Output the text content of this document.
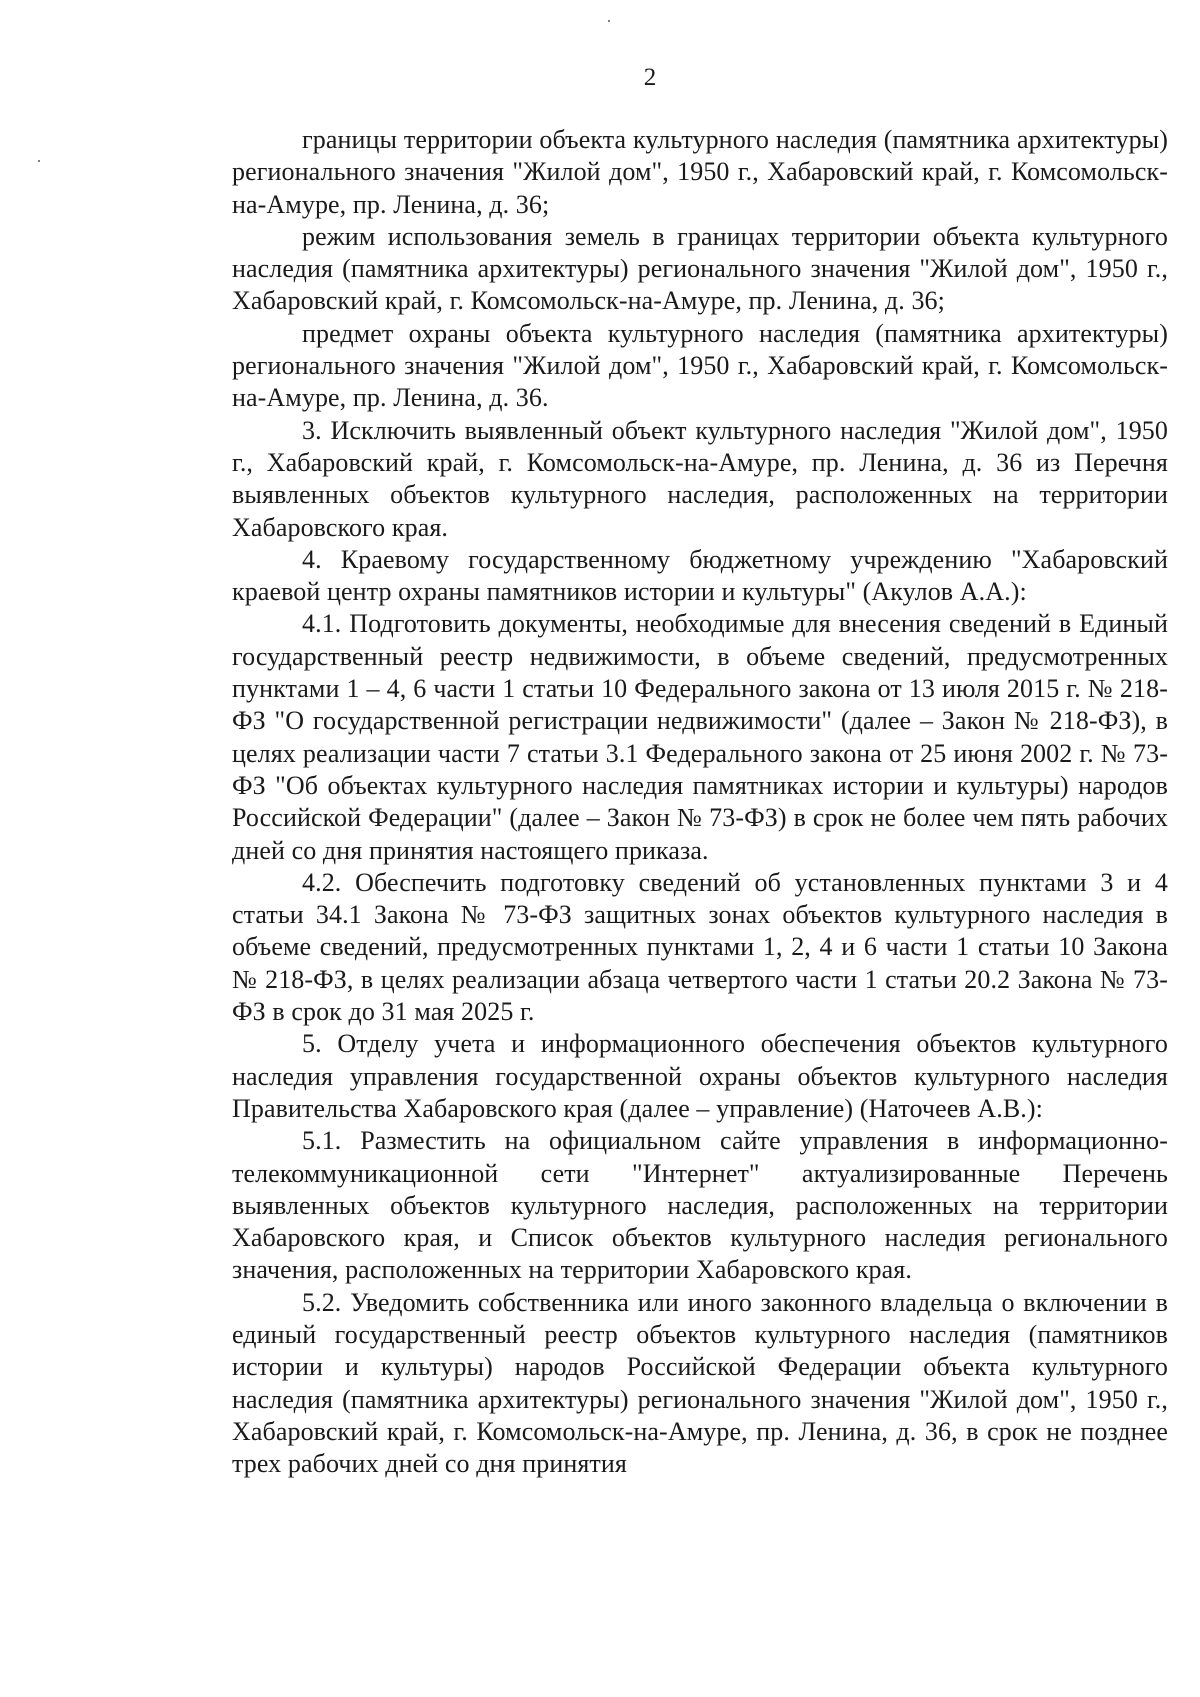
2

границы территории объекта культурного наследия (памятника архитектуры) регионального значения "Жилой дом", 1950 г., Хабаровский край, г. Комсомольск-на-Амуре, пр. Ленина, д. 36;

режим использования земель в границах территории объекта культурного наследия (памятника архитектуры) регионального значения "Жилой дом", 1950 г., Хабаровский край, г. Комсомольск-на-Амуре, пр. Ленина, д. 36;

предмет охраны объекта культурного наследия (памятника архитектуры) регионального значения "Жилой дом", 1950 г., Хабаровский край, г. Комсомольск-на-Амуре, пр. Ленина, д. 36.

3. Исключить выявленный объект культурного наследия "Жилой дом", 1950 г., Хабаровский край, г. Комсомольск-на-Амуре, пр. Ленина, д. 36 из Перечня выявленных объектов культурного наследия, расположенных на территории Хабаровского края.

4. Краевому государственному бюджетному учреждению "Хабаровский краевой центр охраны памятников истории и культуры" (Акулов А.А.):

4.1. Подготовить документы, необходимые для внесения сведений в Единый государственный реестр недвижимости, в объеме сведений, предусмотренных пунктами 1 – 4, 6 части 1 статьи 10 Федерального закона от 13 июля 2015 г. № 218-ФЗ "О государственной регистрации недвижимости" (далее – Закон № 218-ФЗ), в целях реализации части 7 статьи 3.1 Федерального закона от 25 июня 2002 г. № 73-ФЗ "Об объектах культурного наследия памятниках истории и культуры) народов Российской Федерации" (далее – Закон № 73-ФЗ) в срок не более чем пять рабочих дней со дня принятия настоящего приказа.

4.2. Обеспечить подготовку сведений об установленных пунктами 3 и 4 статьи 34.1 Закона № 73-ФЗ защитных зонах объектов культурного наследия в объеме сведений, предусмотренных пунктами 1, 2, 4 и 6 части 1 статьи 10 Закона № 218-ФЗ, в целях реализации абзаца четвертого части 1 статьи 20.2 Закона № 73-ФЗ в срок до 31 мая 2025 г.

5. Отделу учета и информационного обеспечения объектов культурного наследия управления государственной охраны объектов культурного наследия Правительства Хабаровского края (далее – управление) (Наточеев А.В.):

5.1. Разместить на официальном сайте управления в информационно-телекоммуникационной сети "Интернет" актуализированные Перечень выявленных объектов культурного наследия, расположенных на территории Хабаровского края, и Список объектов культурного наследия регионального значения, расположенных на территории Хабаровского края.

5.2. Уведомить собственника или иного законного владельца о включении в единый государственный реестр объектов культурного наследия (памятников истории и культуры) народов Российской Федерации объекта культурного наследия (памятника архитектуры) регионального значения "Жилой дом", 1950 г., Хабаровский край, г. Комсомольск-на-Амуре, пр. Ленина, д. 36, в срок не позднее трех рабочих дней со дня принятия
